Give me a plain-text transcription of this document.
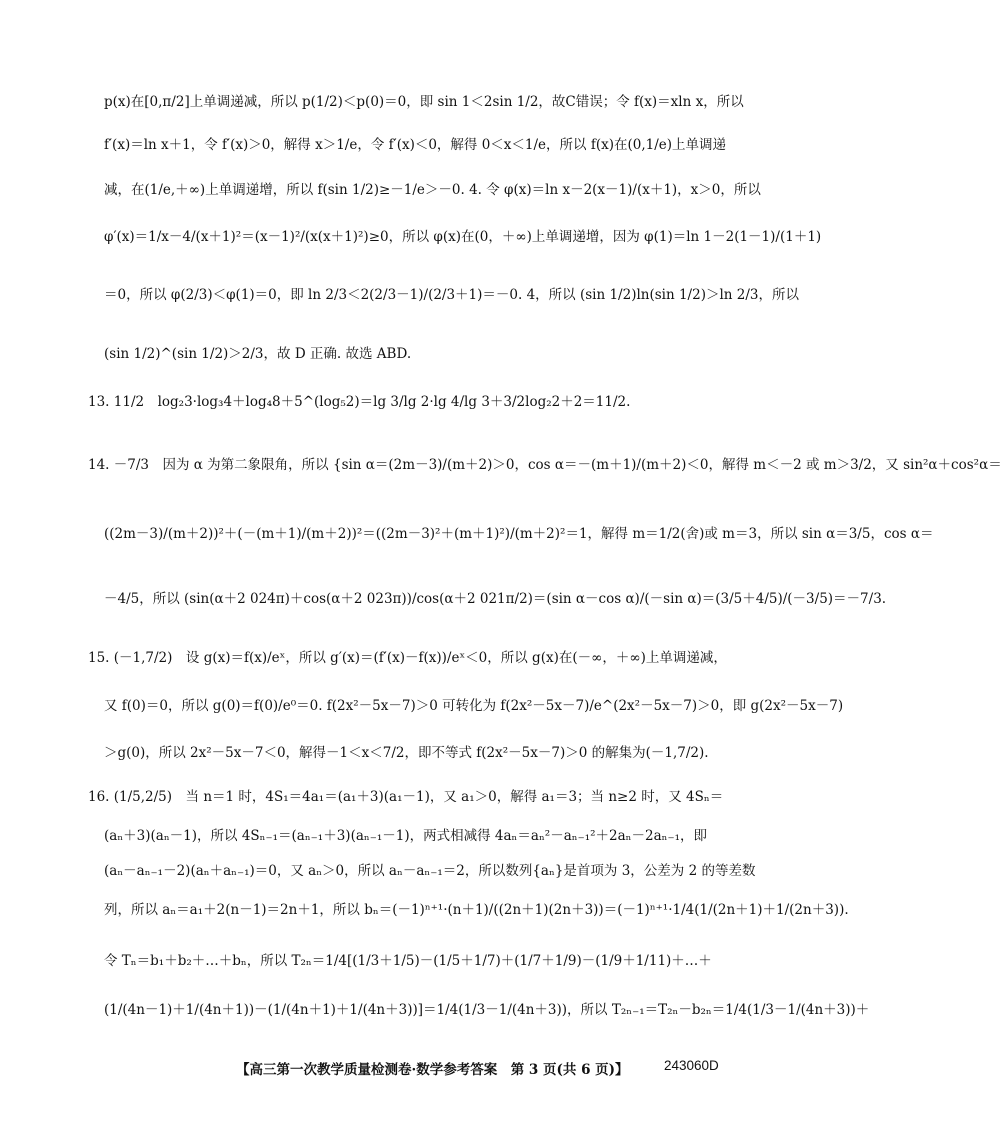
p(x)在[0,π/2]上单调递减，所以 p(1/2)＜p(0)＝0，即 sin 1＜2sin 1/2，故C错误；令 f(x)＝xln x，所以
f′(x)＝ln x＋1，令 f′(x)＞0，解得 x＞1/e，令 f′(x)＜0，解得 0＜x＜1/e，所以 f(x)在(0,1/e)上单调递
减，在(1/e,＋∞)上单调递增，所以 f(sin 1/2)≥－1/e＞－0. 4. 令 φ(x)＝ln x－2(x－1)/(x＋1)，x＞0，所以
φ′(x)＝1/x－4/(x＋1)²＝(x－1)²/(x(x＋1)²)≥0，所以 φ(x)在(0，＋∞)上单调递增，因为 φ(1)＝ln 1－2(1－1)/(1＋1)
＝0，所以 φ(2/3)＜φ(1)＝0，即 ln 2/3＜2(2/3－1)/(2/3＋1)＝－0. 4，所以 (sin 1/2)ln(sin 1/2)＞ln 2/3，所以
(sin 1/2)^(sin 1/2)＞2/3，故 D 正确. 故选 ABD.
13. 11/2　log₂3·log₃4＋log₄8＋5^(log₅2)＝lg 3/lg 2·lg 4/lg 3＋3/2log₂2＋2＝11/2.
14. －7/3　因为 α 为第二象限角，所以 {sin α＝(2m－3)/(m＋2)＞0，cos α＝－(m＋1)/(m＋2)＜0，解得 m＜－2 或 m＞3/2，又 sin²α＋cos²α＝
((2m－3)/(m＋2))²＋(－(m＋1)/(m＋2))²＝((2m－3)²＋(m＋1)²)/(m＋2)²＝1，解得 m＝1/2(舍)或 m＝3，所以 sin α＝3/5，cos α＝
－4/5，所以 (sin(α＋2 024π)＋cos(α＋2 023π))/cos(α＋2 021π/2)＝(sin α－cos α)/(－sin α)＝(3/5＋4/5)/(－3/5)＝－7/3.
15. (－1,7/2)　设 g(x)＝f(x)/eˣ，所以 g′(x)＝(f′(x)－f(x))/eˣ＜0，所以 g(x)在(－∞，＋∞)上单调递减，
又 f(0)＝0，所以 g(0)＝f(0)/e⁰＝0. f(2x²－5x－7)＞0 可转化为 f(2x²－5x－7)/e^(2x²－5x－7)＞0，即 g(2x²－5x－7)
＞g(0)，所以 2x²－5x－7＜0，解得－1＜x＜7/2，即不等式 f(2x²－5x－7)＞0 的解集为(－1,7/2).
16. (1/5,2/5)　当 n＝1 时，4S₁＝4a₁＝(a₁＋3)(a₁－1)，又 a₁＞0，解得 a₁＝3；当 n≥2 时，又 4Sₙ＝
(aₙ＋3)(aₙ－1)，所以 4Sₙ₋₁＝(aₙ₋₁＋3)(aₙ₋₁－1)，两式相减得 4aₙ＝aₙ²－aₙ₋₁²＋2aₙ－2aₙ₋₁，即
(aₙ－aₙ₋₁－2)(aₙ＋aₙ₋₁)＝0，又 aₙ＞0，所以 aₙ－aₙ₋₁＝2，所以数列{aₙ}是首项为 3，公差为 2 的等差数
列，所以 aₙ＝a₁＋2(n－1)＝2n＋1，所以 bₙ＝(－1)ⁿ⁺¹·(n＋1)/((2n＋1)(2n＋3))＝(－1)ⁿ⁺¹·1/4(1/(2n＋1)＋1/(2n＋3)).
令 Tₙ＝b₁＋b₂＋…＋bₙ，所以 T₂ₙ＝1/4[(1/3＋1/5)－(1/5＋1/7)＋(1/7＋1/9)－(1/9＋1/11)＋…＋
(1/(4n－1)＋1/(4n＋1))－(1/(4n＋1)＋1/(4n＋3))]＝1/4(1/3－1/(4n＋3))，所以 T₂ₙ₋₁＝T₂ₙ－b₂ₙ＝1/4(1/3－1/(4n＋3))＋
【高三第一次教学质量检测卷·数学参考答案　第 3 页(共 6 页)】	243060D
